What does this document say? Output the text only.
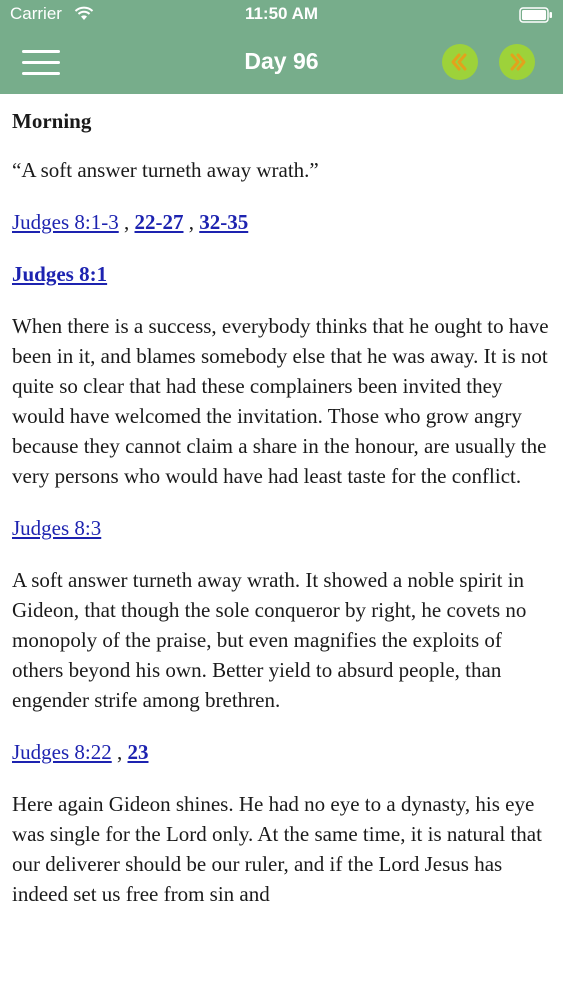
Carrier	11:50 AM
Day 96
Morning

“A soft answer turneth away wrath.”

Judges 8:1-3 , 22-27 , 32-35

Judges 8:1

When there is a success, everybody thinks that he ought to have been in it, and blames somebody else that he was away. It is not quite so clear that had these complainers been invited they would have welcomed the invitation. Those who grow angry because they cannot claim a share in the honour, are usually the very persons who would have had least taste for the conflict.

Judges 8:3

A soft answer turneth away wrath. It showed a noble spirit in Gideon, that though the sole conqueror by right, he covets no monopoly of the praise, but even magnifies the exploits of others beyond his own. Better yield to absurd people, than engender strife among brethren.

Judges 8:22 , 23

Here again Gideon shines. He had no eye to a dynasty, his eye was single for the Lord only. At the same time, it is natural that our deliverer should be our ruler, and if the Lord Jesus has indeed set us free from sin and
